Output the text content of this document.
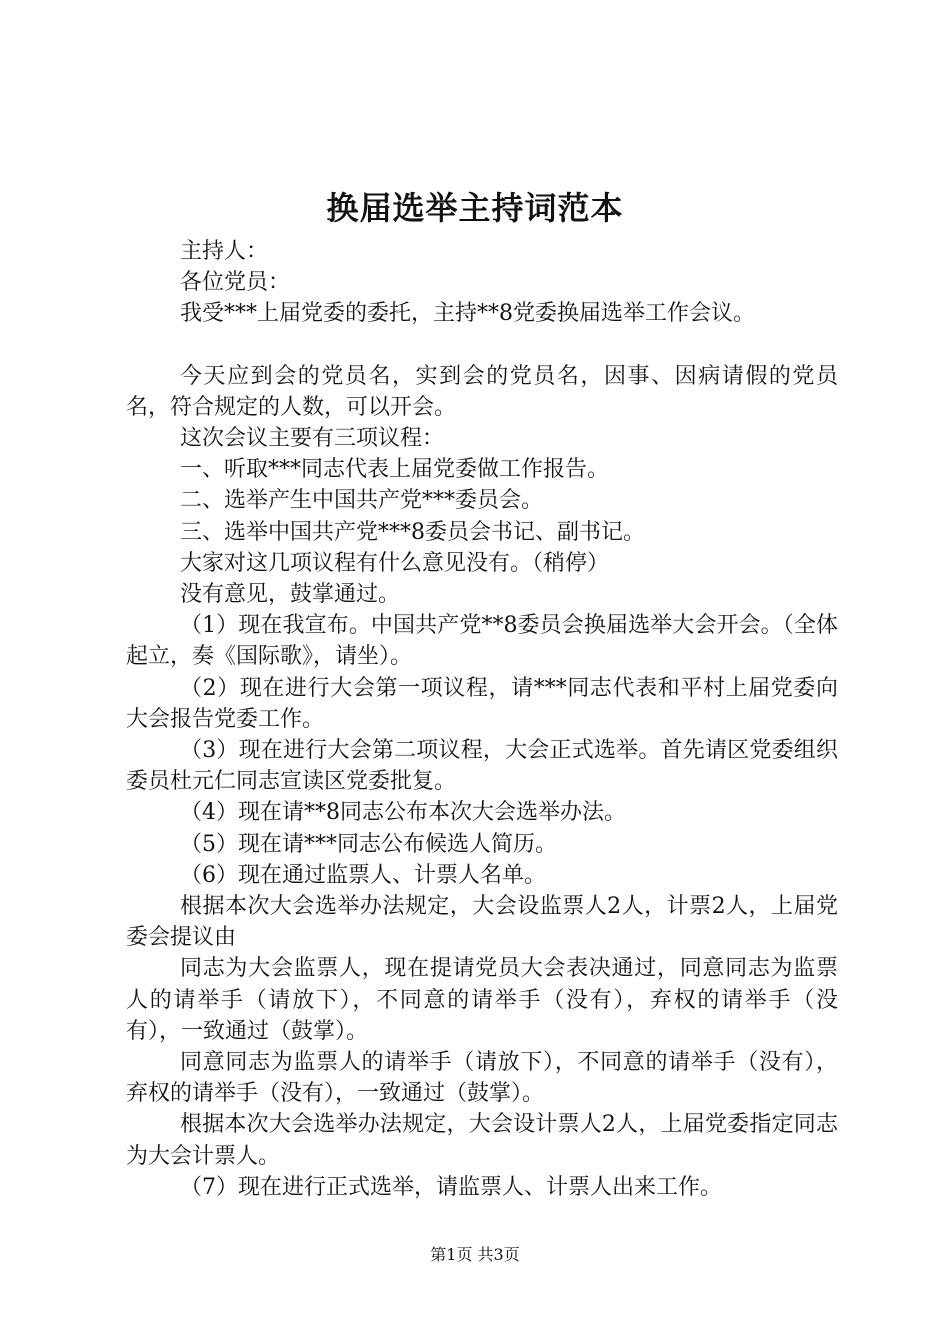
换届选举主持词范本

主持人：

各位党员：

我受***上届党委的委托，主持**8党委换届选举工作会议。

今天应到会的党员名，实到会的党员名，因事、因病请假的党员名，符合规定的人数，可以开会。

这次会议主要有三项议程：

一、听取***同志代表上届党委做工作报告。

二、选举产生中国共产党***委员会。

三、选举中国共产党***8委员会书记、副书记。

大家对这几项议程有什么意见没有。（稍停）

没有意见，鼓掌通过。

（1）现在我宣布。中国共产党**8委员会换届选举大会开会。（全体起立，奏《国际歌》，请坐）。

（2）现在进行大会第一项议程，请***同志代表和平村上届党委向大会报告党委工作。

（3）现在进行大会第二项议程，大会正式选举。首先请区党委组织委员杜元仁同志宣读区党委批复。

（4）现在请**8同志公布本次大会选举办法。

（5）现在请***同志公布候选人简历。

（6）现在通过监票人、计票人名单。

根据本次大会选举办法规定，大会设监票人2人，计票2人，上届党委会提议由

同志为大会监票人，现在提请党员大会表决通过，同意同志为监票人的请举手（请放下），不同意的请举手（没有），弃权的请举手（没有），一致通过（鼓掌）。

同意同志为监票人的请举手（请放下），不同意的请举手（没有），弃权的请举手（没有），一致通过（鼓掌）。

根据本次大会选举办法规定，大会设计票人2人，上届党委指定同志为大会计票人。

（7）现在进行正式选举，请监票人、计票人出来工作。

第1页 共3页
